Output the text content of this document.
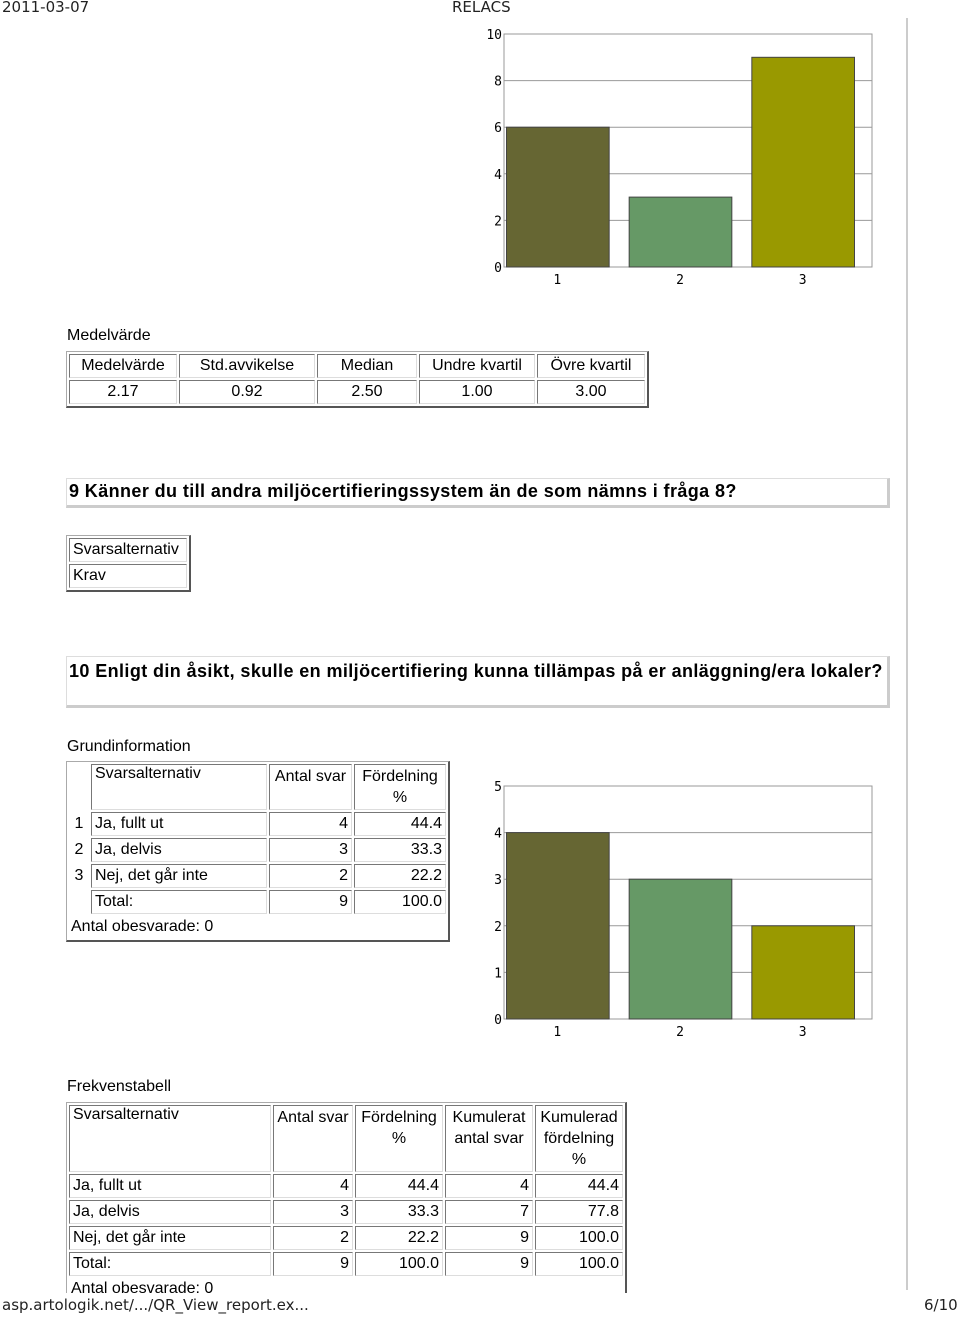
2011-03-07	RELACS
0
2
4
6
8
10
1	2	3
Medelvärde
Medelvärde	Std.avvikelse	Median	Undre kvartil	Övre kvartil
2.17	0.92	2.50	1.00	3.00
9 Känner du till andra miljöcertifieringssystem än de som nämns i fråga 8?
Svarsalternativ
Krav
10 Enligt din åsikt, skulle en miljöcertifiering kunna tillämpas på er anläggning/era lokaler?
Grundinformation
	Svarsalternativ	Antal svar	Fördelning %
1	Ja, fullt ut	4	44.4
2	Ja, delvis	3	33.3
3	Nej, det går inte	2	22.2
	Total:	9	100.0
Antal obesvarade: 0			
0
1
2
3
4
5
1	2	3
Frekvenstabell
Svarsalternativ	Antal svar	Fördelning %	Kumulerat antal svar	Kumulerad fördelning %
Ja, fullt ut	4	44.4	4	44.4
Ja, delvis	3	33.3	7	77.8
Nej, det går inte	2	22.2	9	100.0
Total:	9	100.0	9	100.0
Antal obesvarade: 0				
asp.artologik.net/.../QR_View_report.ex...	6/10
